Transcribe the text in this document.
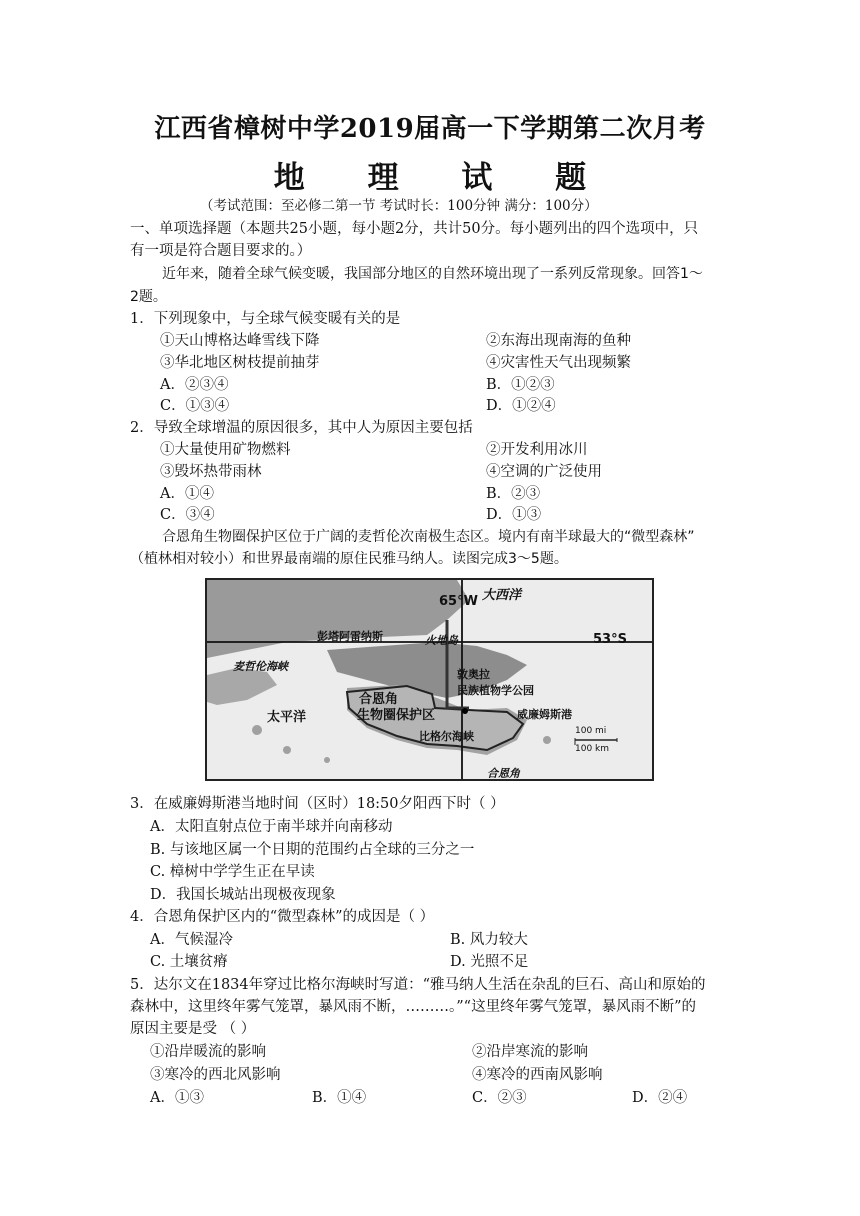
江西省樟树中学2019届高一下学期第二次月考
地 理 试 题
（考试范围：至必修二第一节 考试时长：100分钟 满分：100分）
一、单项选择题（本题共25小题，每小题2分，共计50分。每小题列出的四个选项中，只
有一项是符合题目要求的。）
近年来，随着全球气候变暖，我国部分地区的自然环境出现了一系列反常现象。回答1～
2题。
1．下列现象中，与全球气候变暖有关的是
①天山博格达峰雪线下降	②东海出现南海的鱼种
③华北地区树枝提前抽芽	④灾害性天气出现频繁
A．②③④	B．①②③
C．①③④	D．①②④
2．导致全球增温的原因很多，其中人为原因主要包括
①大量使用矿物燃料	②开发利用冰川
③毁坏热带雨林	④空调的广泛使用
A．①④	B．②③
C．③④	D．①③
合恩角生物圈保护区位于广阔的麦哲伦次南极生态区。境内有南半球最大的“微型森林”
（植林相对较小）和世界最南端的原住民雅马纳人。读图完成3～5题。
大西洋
65°W
53°S
彭塔阿雷纳斯	火地岛
麦哲伦海峡
太平洋
合恩角
生物圈保护区
敦奥拉
民族植物学公园
威廉姆斯港
比格尔海峡
合恩角
100 mi
100 km
3．在威廉姆斯港当地时间（区时）18:50夕阳西下时（ ）
A．太阳直射点位于南半球并向南移动
B. 与该地区属一个日期的范围约占全球的三分之一
C. 樟树中学学生正在早读
D．我国长城站出现极夜现象
4．合恩角保护区内的“微型森林”的成因是（ ）
A．气候湿冷	B. 风力较大
C. 土壤贫瘠	D. 光照不足
5．达尔文在1834年穿过比格尔海峡时写道：“雅马纳人生活在杂乱的巨石、高山和原始的
森林中，这里终年雾气笼罩，暴风雨不断，………。”“这里终年雾气笼罩，暴风雨不断”的
原因主要是受 （ ）
①沿岸暖流的影响	②沿岸寒流的影响
③寒冷的西北风影响	④寒冷的西南风影响
A．①③	B．①④	C．②③	D．②④
